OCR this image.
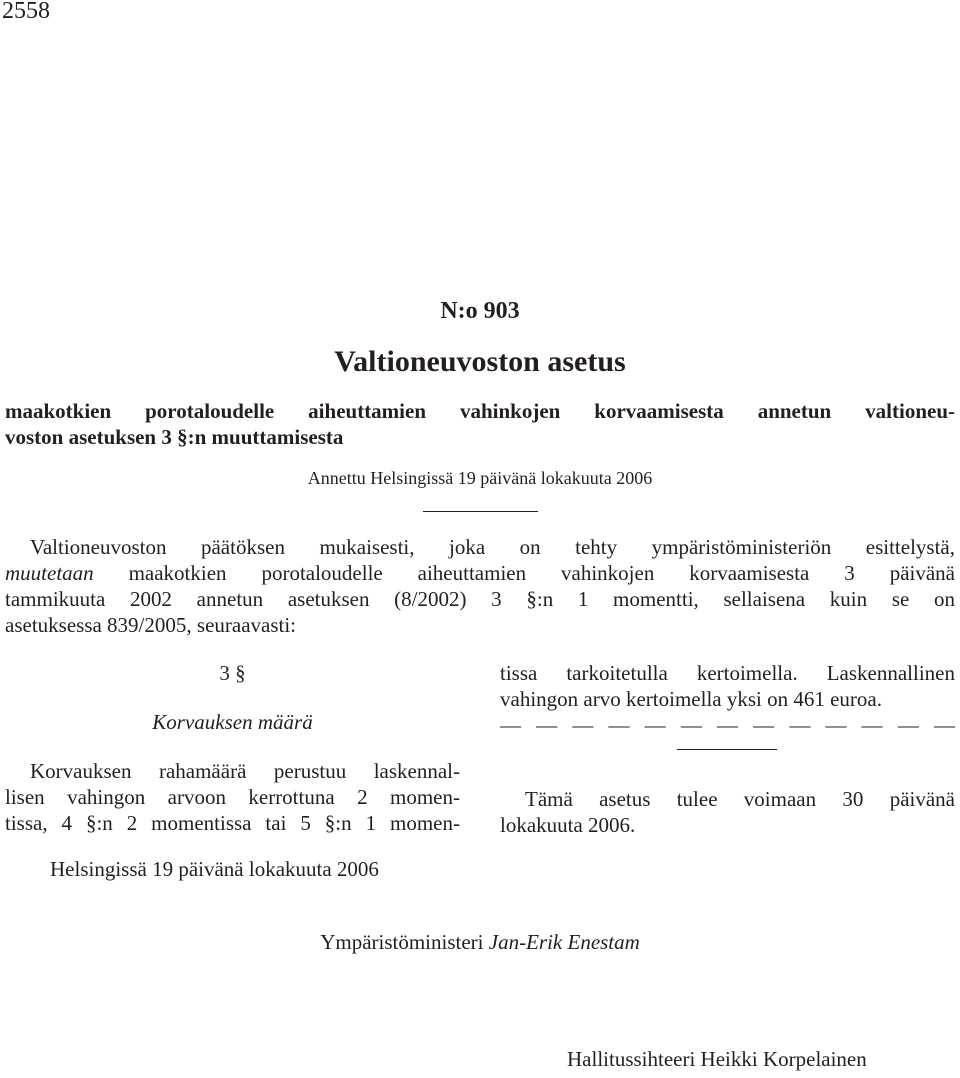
2558
N:o 903
Valtioneuvoston asetus
maakotkien porotaloudelle aiheuttamien vahinkojen korvaamisesta annetun valtioneu-
voston asetuksen 3 §:n muuttamisesta
Annettu Helsingissä 19 päivänä lokakuuta 2006
Valtioneuvoston päätöksen mukaisesti, joka on tehty ympäristöministeriön esittelystä,
muutetaan maakotkien porotaloudelle aiheuttamien vahinkojen korvaamisesta 3 päivänä
tammikuuta 2002 annetun asetuksen (8/2002) 3 §:n 1 momentti, sellaisena kuin se on
asetuksessa 839/2005, seuraavasti:
3 §
Korvauksen määrä
Korvauksen rahamäärä perustuu laskennal-
lisen vahingon arvoon kerrottuna 2 momen-
tissa, 4 §:n 2 momentissa tai 5 §:n 1 momen-
tissa tarkoitetulla kertoimella. Laskennallinen
vahingon arvo kertoimella yksi on 461 euroa.
— — — — — — — — — — — — —
Tämä asetus tulee voimaan 30 päivänä
lokakuuta 2006.
Helsingissä 19 päivänä lokakuuta 2006
Ympäristöministeri Jan-Erik Enestam
Hallitussihteeri Heikki Korpelainen
